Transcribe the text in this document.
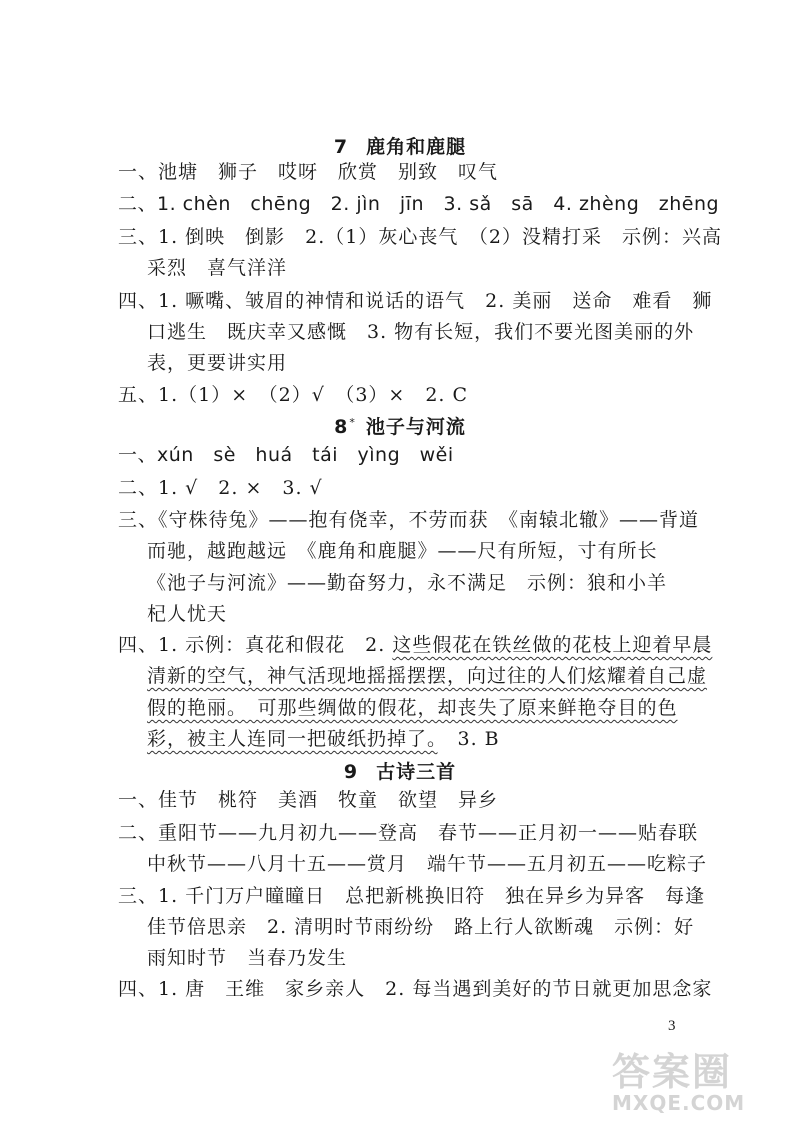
7 鹿角和鹿腿
一、池塘　狮子　哎呀　欣赏　别致　叹气
二、1. chèn　chēng　2. jìn　jīn　3. sǎ　sā　4. zhèng　zhēng
三、1. 倒映　倒影　2.（1）灰心丧气　（2）没精打采　示例：兴高
采烈　喜气洋洋
四、1. 噘嘴、皱眉的神情和说话的语气　2. 美丽　送命　难看　狮
口逃生　既庆幸又感慨　3. 物有长短，我们不要光图美丽的外
表，更要讲实用
五、1.（1）×　（2）√　（3）×　2. C
8* 池子与河流
一、xún　sè　huá　tái　yìng　wěi
二、1. √　2. ×　3. √
三、《守株待兔》——抱有侥幸，不劳而获　《南辕北辙》——背道
而驰，越跑越远　《鹿角和鹿腿》——尺有所短，寸有所长
《池子与河流》——勤奋努力，永不满足　示例：狼和小羊
杞人忧天
四、1. 示例：真花和假花　2. 这些假花在铁丝做的花枝上迎着早晨
清新的空气，神气活现地摇摇摆摆，向过往的人们炫耀着自己虚
假的艳丽。　可那些绸做的假花，却丧失了原来鲜艳夺目的色
彩，被主人连同一把破纸扔掉了。　3. B
9 古诗三首
一、佳节　桃符　美酒　牧童　欲望　异乡
二、重阳节——九月初九——登高　春节——正月初一——贴春联
中秋节——八月十五——赏月　端午节——五月初五——吃粽子
三、1. 千门万户曈曈日　总把新桃换旧符　独在异乡为异客　每逢
佳节倍思亲　2. 清明时节雨纷纷　路上行人欲断魂　示例：好
雨知时节　当春乃发生
四、1. 唐　王维　家乡亲人　2. 每当遇到美好的节日就更加思念家
3
答案圈
MXQE.COM
